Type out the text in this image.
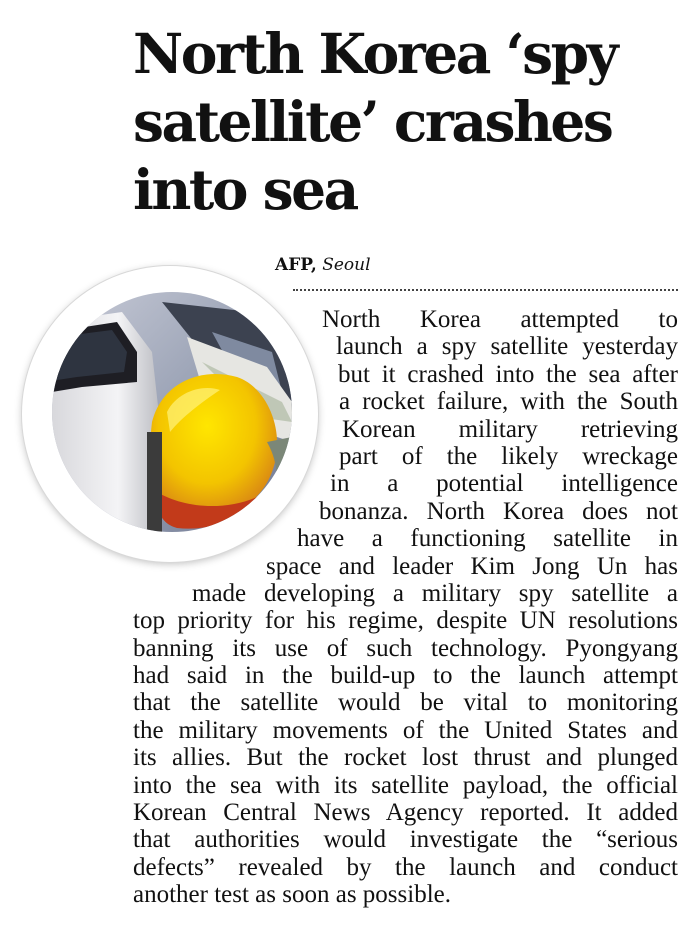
North Korea ‘spy
satellite’ crashes
into sea
AFP, Seoul
North Korea attempted to
launch a spy satellite yesterday
but it crashed into the sea after
a rocket failure, with the South
Korean military retrieving
part of the likely wreckage
in a potential intelligence
bonanza. North Korea does not
have a functioning satellite in
space and leader Kim Jong Un has
made developing a military spy satellite a
top priority for his regime, despite UN resolutions
banning its use of such technology. Pyongyang
had said in the build-up to the launch attempt
that the satellite would be vital to monitoring
the military movements of the United States and
its allies. But the rocket lost thrust and plunged
into the sea with its satellite payload, the official
Korean Central News Agency reported. It added
that authorities would investigate the “serious
defects” revealed by the launch and conduct
another test as soon as possible.
